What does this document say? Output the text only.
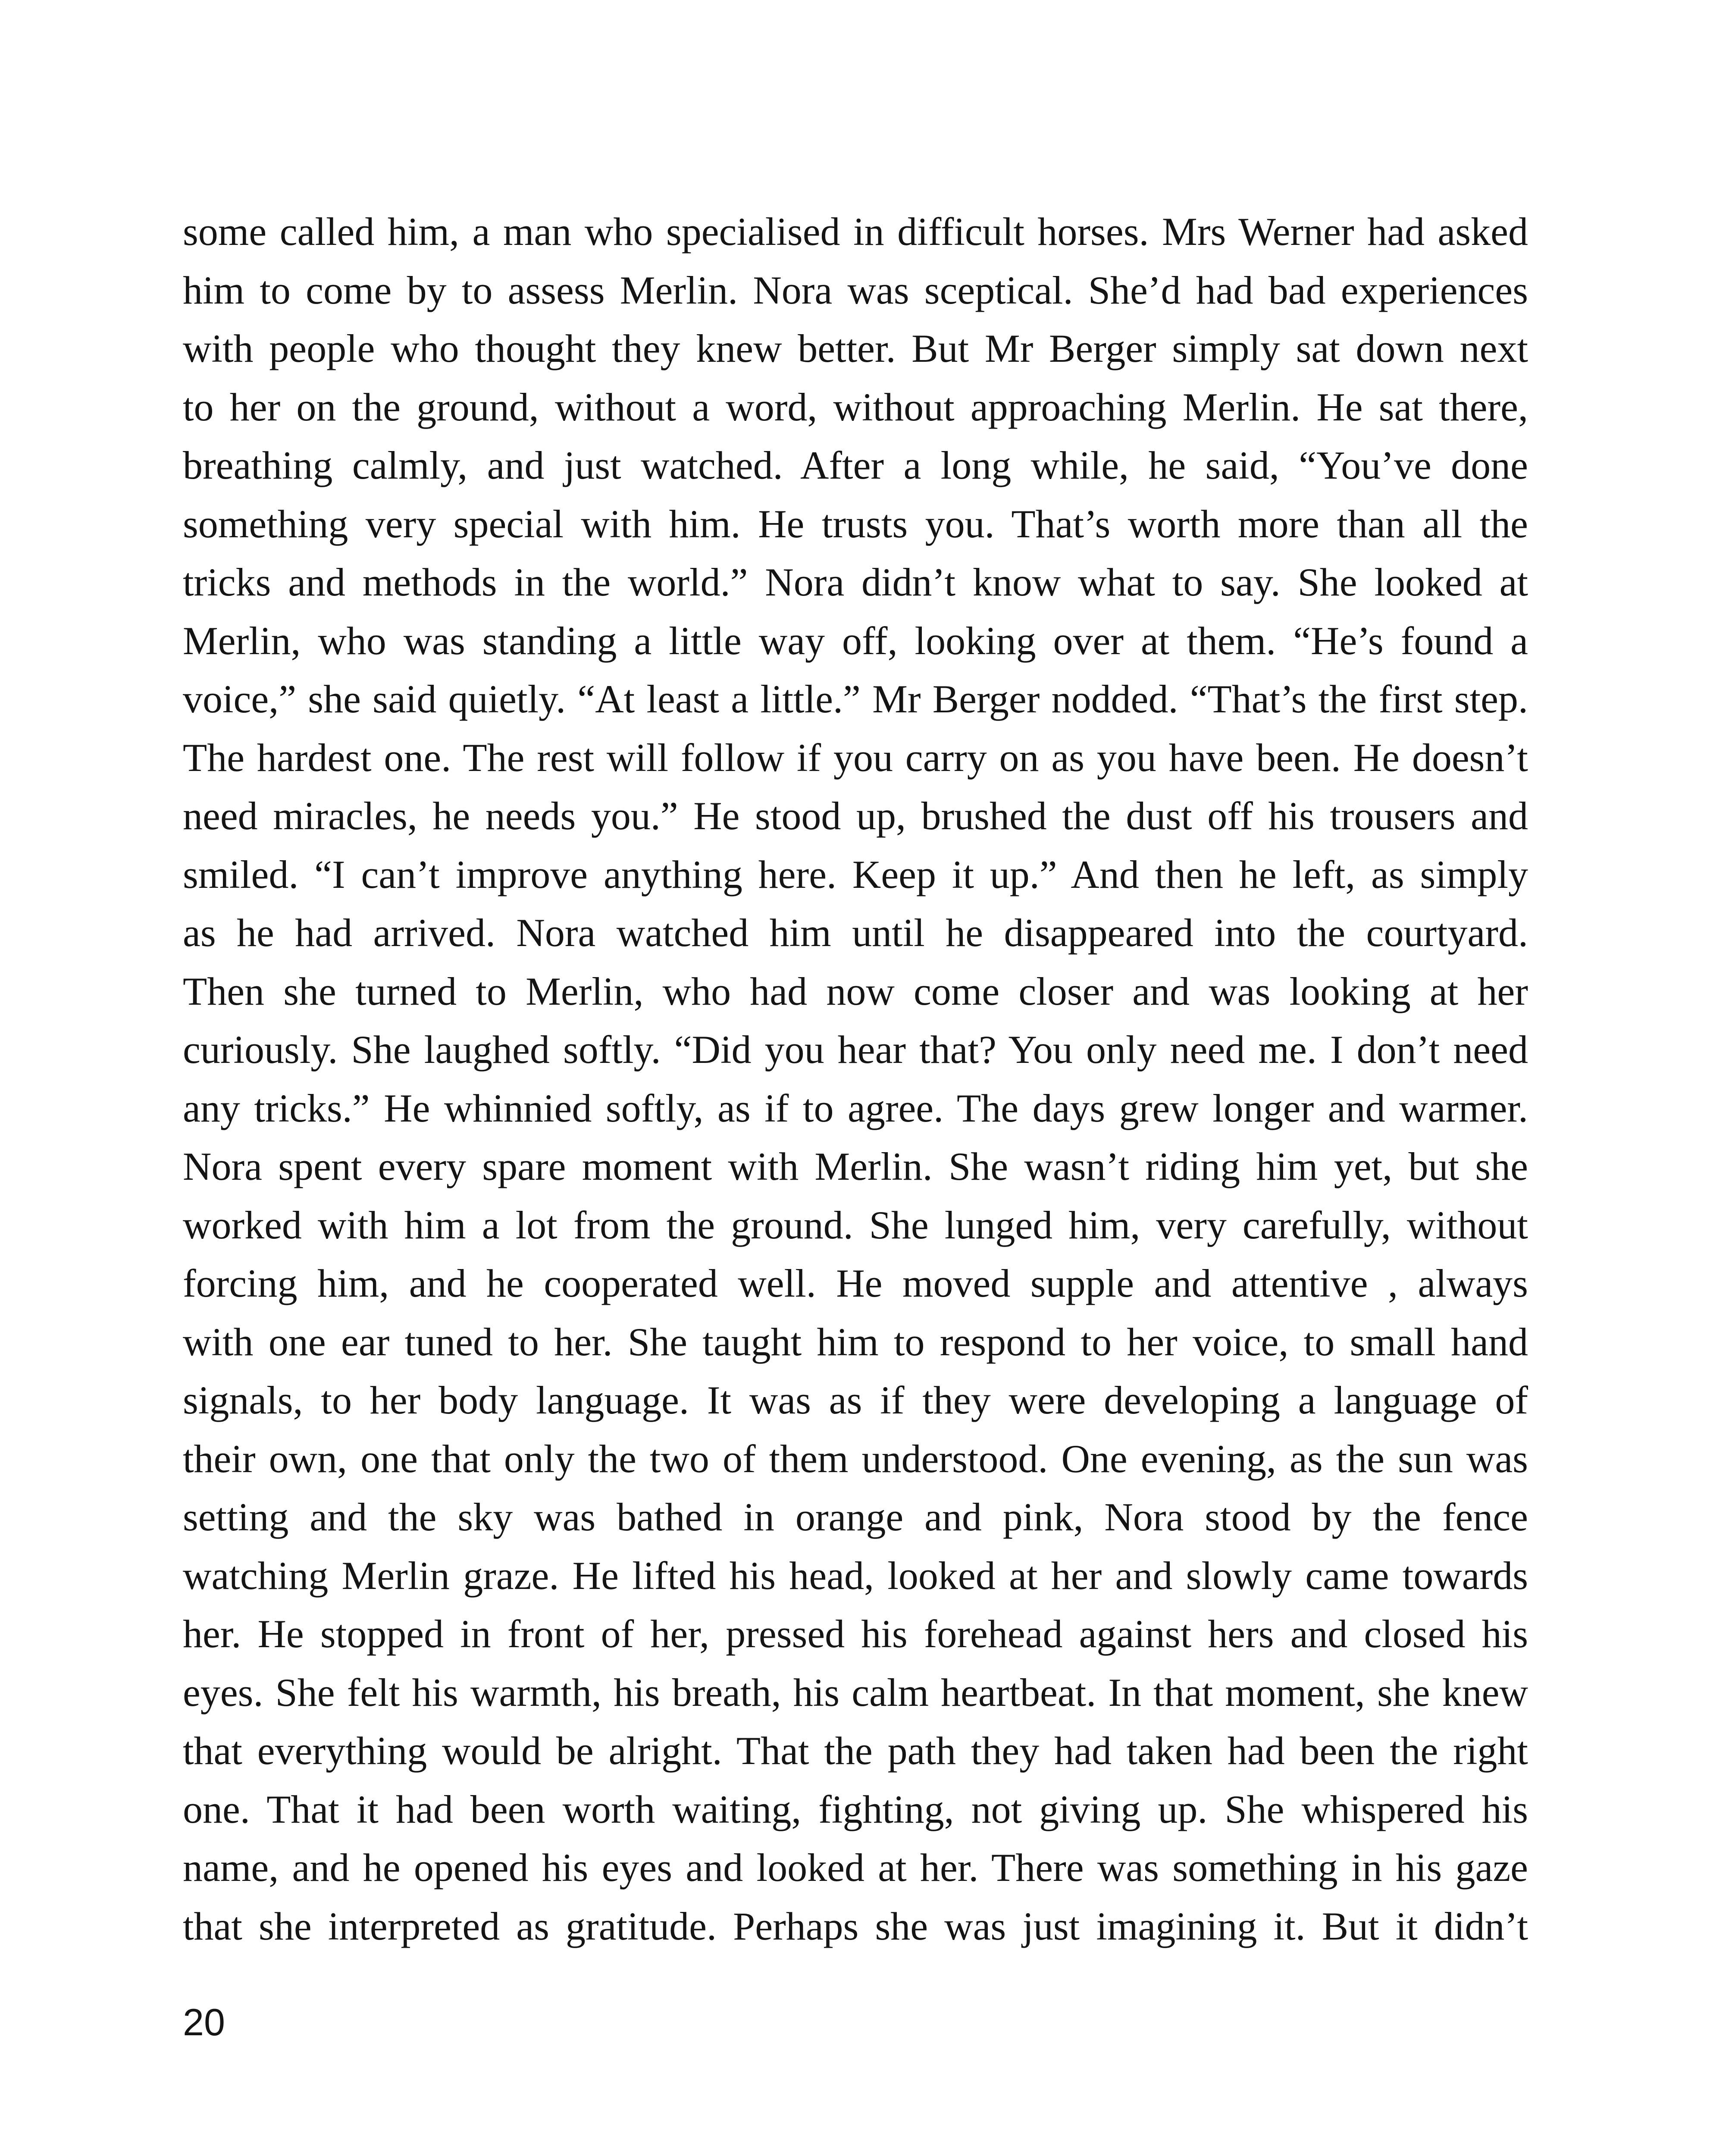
some called him, a man who specialised in difficult horses. Mrs Werner had asked
him to come by to assess Merlin. Nora was sceptical. She’d had bad experiences
with people who thought they knew better. But Mr Berger simply sat down next
to her on the ground, without a word, without approaching Merlin. He sat there,
breathing calmly, and just watched. After a long while, he said, “You’ve done
something very special with him. He trusts you. That’s worth more than all the
tricks and methods in the world.” Nora didn’t know what to say. She looked at
Merlin, who was standing a little way off, looking over at them. “He’s found a
voice,” she said quietly. “At least a little.” Mr Berger nodded. “That’s the first step.
The hardest one. The rest will follow if you carry on as you have been. He doesn’t
need miracles, he needs you.” He stood up, brushed the dust off his trousers and
smiled. “I can’t improve anything here. Keep it up.” And then he left, as simply
as he had arrived. Nora watched him until he disappeared into the courtyard.
Then she turned to Merlin, who had now come closer and was looking at her
curiously. She laughed softly. “Did you hear that? You only need me. I don’t need
any tricks.” He whinnied softly, as if to agree. The days grew longer and warmer.
Nora spent every spare moment with Merlin. She wasn’t riding him yet, but she
worked with him a lot from the ground. She lunged him, very carefully, without
forcing him, and he cooperated well. He moved supple and attentive , always
with one ear tuned to her. She taught him to respond to her voice, to small hand
signals, to her body language. It was as if they were developing a language of
their own, one that only the two of them understood. One evening, as the sun was
setting and the sky was bathed in orange and pink, Nora stood by the fence
watching Merlin graze. He lifted his head, looked at her and slowly came towards
her. He stopped in front of her, pressed his forehead against hers and closed his
eyes. She felt his warmth, his breath, his calm heartbeat. In that moment, she knew
that everything would be alright. That the path they had taken had been the right
one. That it had been worth waiting, fighting, not giving up. She whispered his
name, and he opened his eyes and looked at her. There was something in his gaze
that she interpreted as gratitude. Perhaps she was just imagining it. But it didn’t
20
